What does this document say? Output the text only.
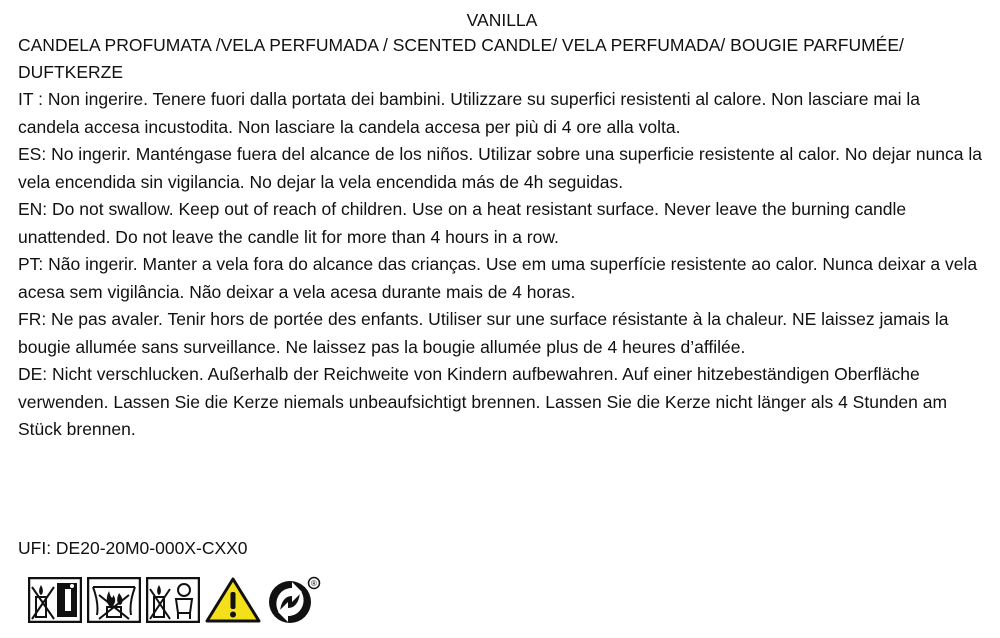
VANILLA
CANDELA PROFUMATA /VELA PERFUMADA / SCENTED CANDLE/ VELA PERFUMADA/ BOUGIE PARFUMÉE/ DUFTKERZE
IT : Non ingerire. Tenere fuori dalla portata dei bambini. Utilizzare su superfici resistenti al calore. Non lasciare mai la candela accesa incustodita. Non lasciare la candela accesa per più di 4 ore alla volta.
ES: No ingerir. Manténgase fuera del alcance de los niños. Utilizar sobre una superficie resistente al calor. No dejar nunca la vela encendida sin vigilancia. No dejar la vela encendida más de 4h seguidas.
EN: Do not swallow. Keep out of reach of children. Use on a heat resistant surface. Never leave the burning candle unattended. Do not leave the candle lit for more than 4 hours in a row.
PT: Não ingerir. Manter a vela fora do alcance das crianças. Use em uma superfície resistente ao calor. Nunca deixar a vela acesa sem vigilância. Não deixar a vela acesa durante mais de 4 horas.
FR: Ne pas avaler. Tenir hors de portée des enfants. Utiliser sur une surface résistante à la chaleur. NE laissez jamais la bougie allumée sans surveillance. Ne laissez pas la bougie allumée plus de 4 heures d’affilée.
DE: Nicht verschlucken. Außerhalb der Reichweite von Kindern aufbewahren. Auf einer hitzebeständigen Oberfläche verwenden. Lassen Sie die Kerze niemals unbeaufsichtigt brennen. Lassen Sie die Kerze nicht länger als 4 Stunden am Stück brennen.
UFI: DE20-20M0-000X-CXX0
®
